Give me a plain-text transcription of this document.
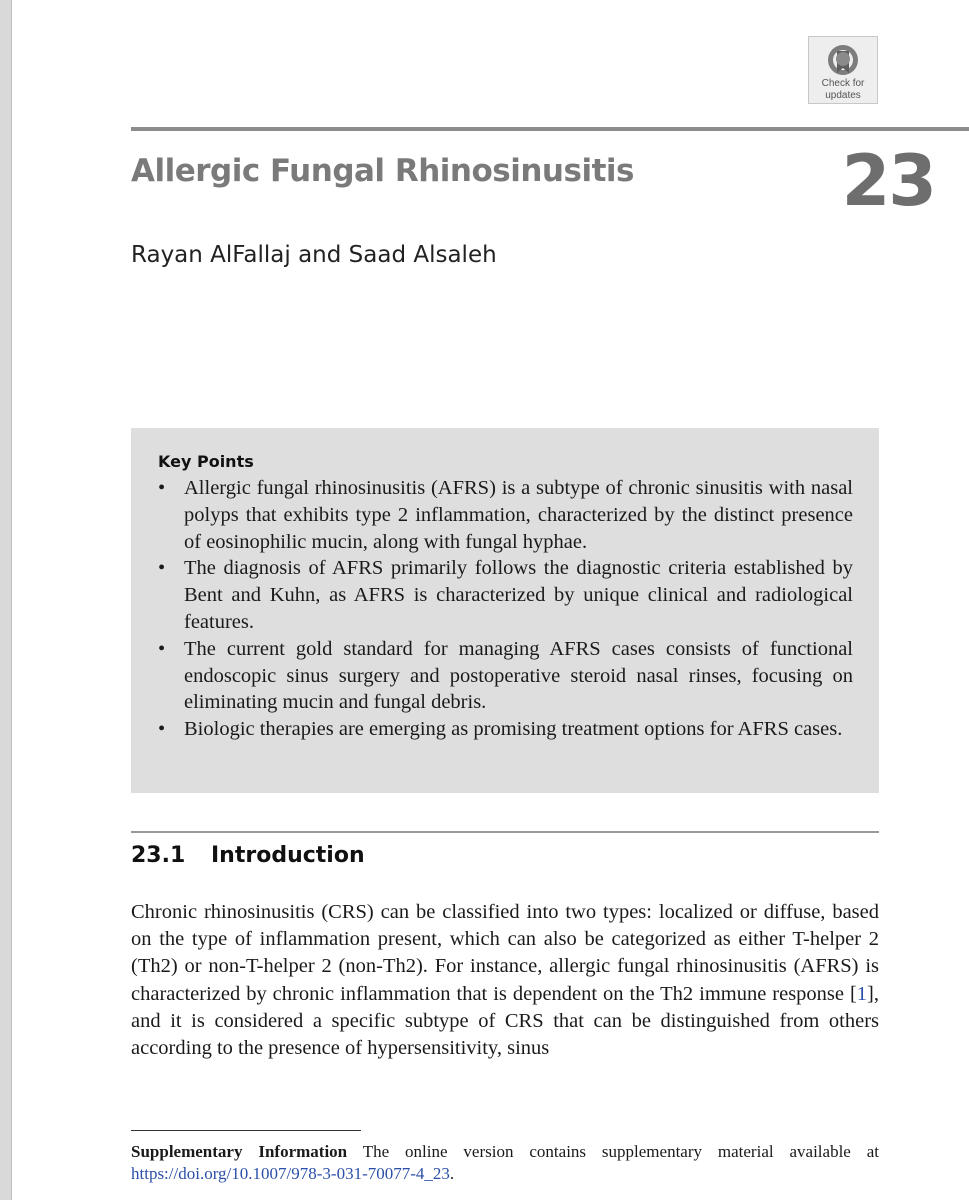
Check for
updates
Allergic Fungal Rhinosinusitis	23
Rayan AlFallaj and Saad Alsaleh
Key Points
• Allergic fungal rhinosinusitis (AFRS) is a subtype of chronic sinusitis with nasal polyps that exhibits type 2 inflammation, characterized by the distinct presence of eosinophilic mucin, along with fungal hyphae.
• The diagnosis of AFRS primarily follows the diagnostic criteria established by Bent and Kuhn, as AFRS is characterized by unique clinical and radiological features.
• The current gold standard for managing AFRS cases consists of functional endoscopic sinus surgery and postoperative steroid nasal rinses, focusing on eliminating mucin and fungal debris.
• Biologic therapies are emerging as promising treatment options for AFRS cases.
23.1 Introduction

Chronic rhinosinusitis (CRS) can be classified into two types: localized or diffuse, based on the type of inflammation present, which can also be categorized as either T-helper 2 (Th2) or non-T-helper 2 (non-Th2). For instance, allergic fungal rhinosinusitis (AFRS) is characterized by chronic inflammation that is dependent on the Th2 immune response [1], and it is considered a specific subtype of CRS that can be distinguished from others according to the presence of hypersensitivity, sinus

Supplementary Information The online version contains supplementary material available at https://doi.org/10.1007/978-3-031-70077-4_23.
